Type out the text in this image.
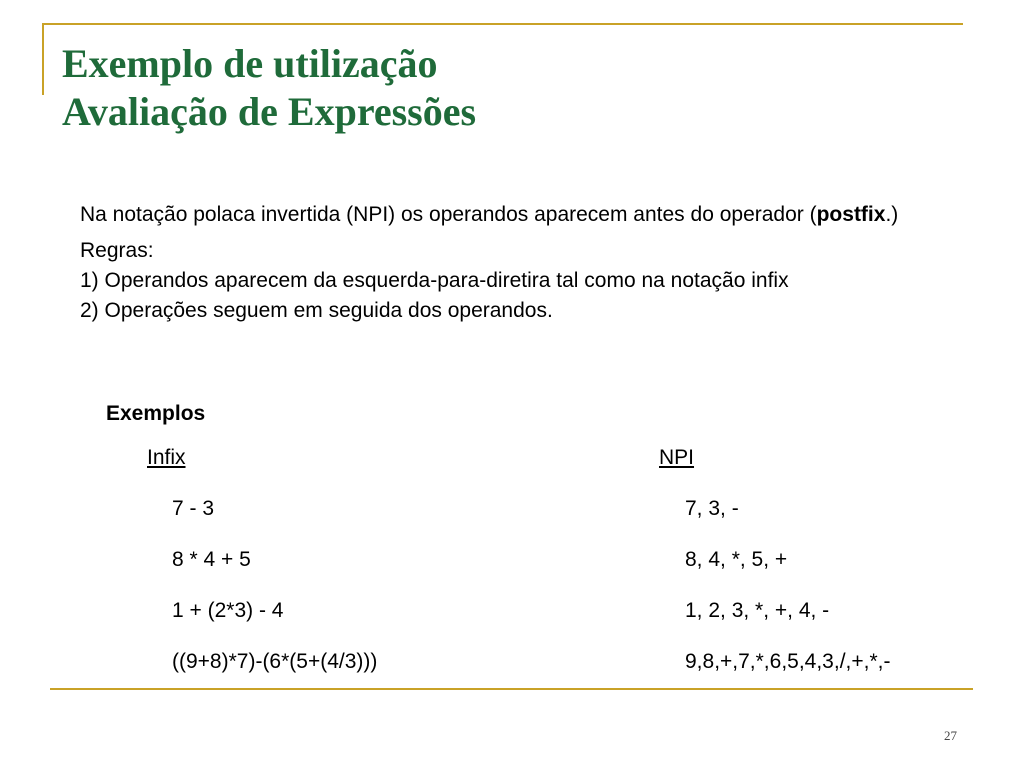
Exemplo de utilização
Avaliação de Expressões

Na notação polaca invertida (NPI) os operandos aparecem antes do operador (postfix.)

Regras:

1) Operandos aparecem da esquerda-para-diretira tal como na notação infix

2) Operações seguem em seguida dos operandos.

Exemplos
Infix	NPI
7 - 3	7, 3, -
8 * 4 + 5	8, 4, *, 5, +
1 + (2*3) - 4	1, 2, 3, *, +, 4, -
((9+8)*7)-(6*(5+(4/3)))	9,8,+,7,*,6,5,4,3,/,+,*,-
27
